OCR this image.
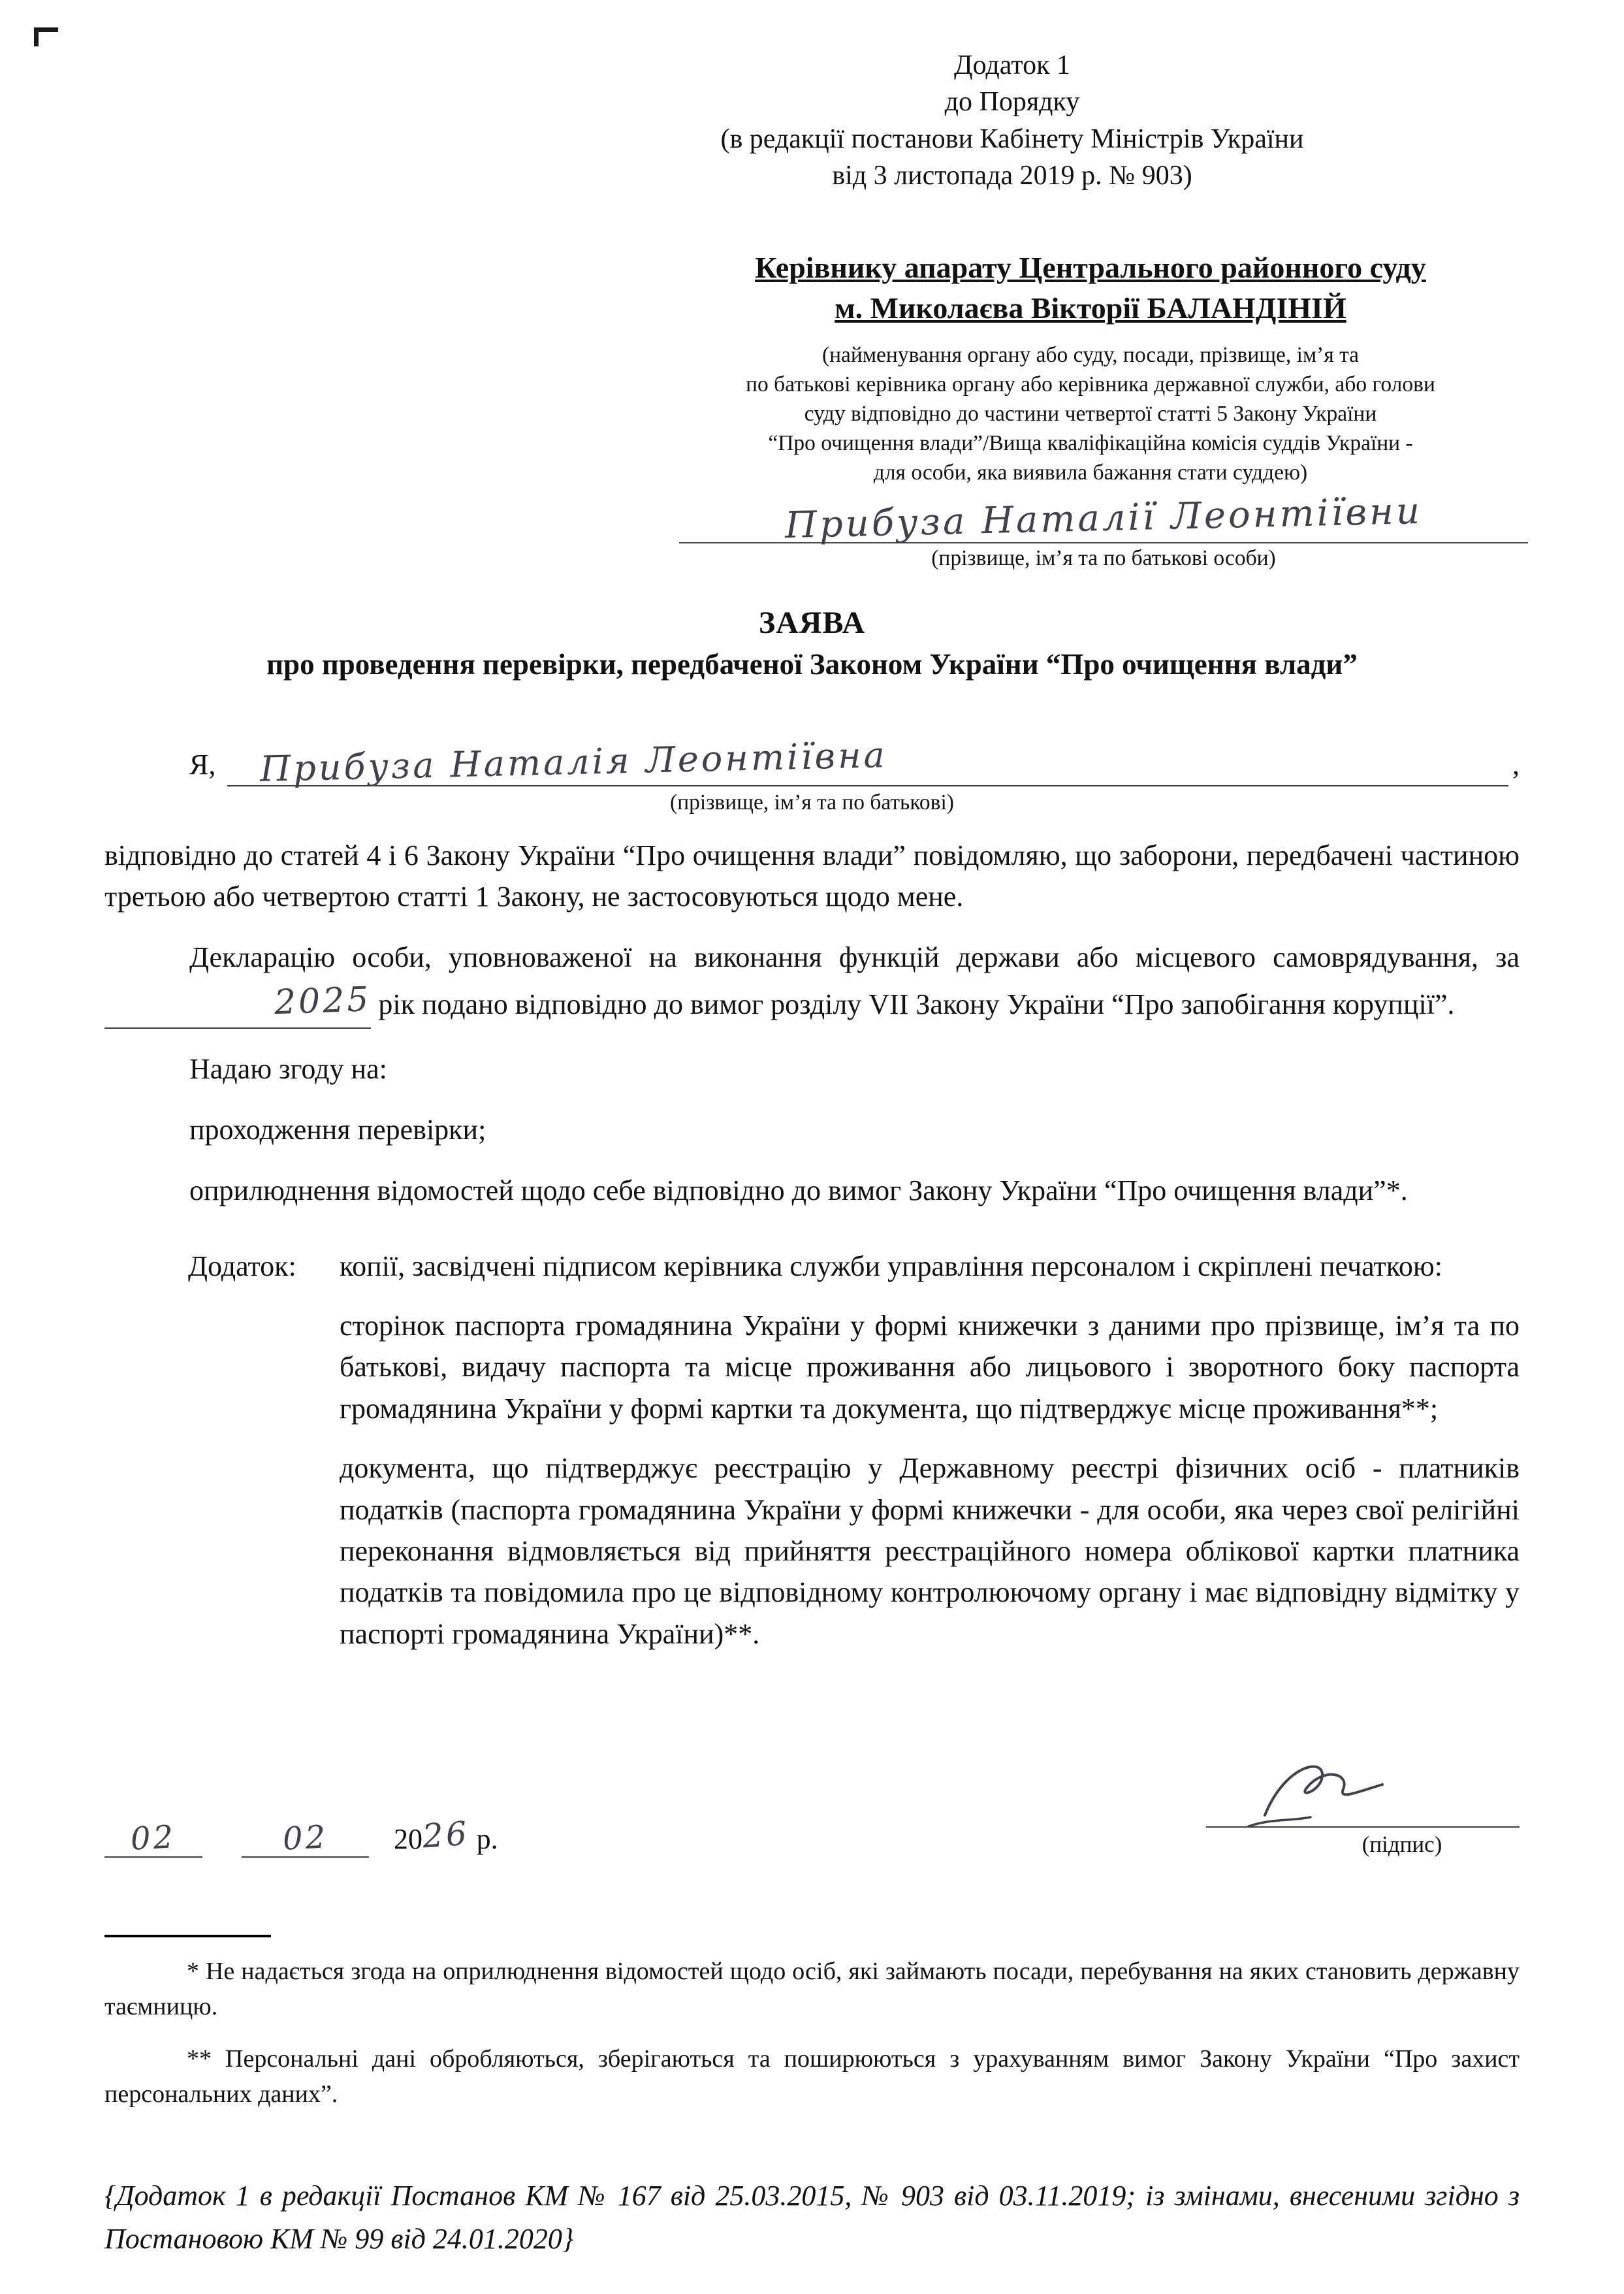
Додаток 1
до Порядку
(в редакції постанови Кабінету Міністрів України
від 3 листопада 2019 р. № 903)
Керівнику апарату Центрального районного суду
м. Миколаєва Вікторії БАЛАНДІНІЙ
(найменування органу або суду, посади, прізвище, ім’я та
по батькові керівника органу або керівника державної служби, або голови
суду відповідно до частини четвертої статті 5 Закону України
“Про очищення влади”/Вища кваліфікаційна комісія суддів України -
для особи, яка виявила бажання стати суддею)
Прибуза Наталії Леонтіївни
(прізвище, ім’я та по батькові особи)
ЗАЯВА
про проведення перевірки, передбаченої Законом України “Про очищення влади”
Я,	Прибуза Наталія Леонтіївна	,
(прізвище, ім’я та по батькові)
відповідно до статей 4 і 6 Закону України “Про очищення влади” повідомляю, що заборони, передбачені частиною третьою або четвертою статті 1 Закону, не застосовуються щодо мене.
Декларацію особи, уповноваженої на виконання функцій держави або місцевого самоврядування, за 2025 рік подано відповідно до вимог розділу VII Закону України “Про запобігання корупції”.
Надаю згоду на:
проходження перевірки;
оприлюднення відомостей щодо себе відповідно до вимог Закону України “Про очищення влади”*.
Додаток:	копії, засвідчені підписом керівника служби управління персоналом і скріплені печаткою:
сторінок паспорта громадянина України у формі книжечки з даними про прізвище, ім’я та по батькові, видачу паспорта та місце проживання або лицьового і зворотного боку паспорта громадянина України у формі картки та документа, що підтверджує місце проживання**;
документа, що підтверджує реєстрацію у Державному реєстрі фізичних осіб - платників податків (паспорта громадянина України у формі книжечки - для особи, яка через свої релігійні переконання відмовляється від прийняття реєстраційного номера облікової картки платника податків та повідомила про це відповідному контролюючому органу і має відповідну відмітку у паспорті громадянина України)**.
02	02	2026 р.	(підпис)
* Не надається згода на оприлюднення відомостей щодо осіб, які займають посади, перебування на яких становить державну таємницю.
** Персональні дані обробляються, зберігаються та поширюються з урахуванням вимог Закону України “Про захист персональних даних”.
{Додаток 1 в редакції Постанов КМ № 167 від 25.03.2015, № 903 від 03.11.2019; із змінами, внесеними згідно з Постановою КМ № 99 від 24.01.2020}
